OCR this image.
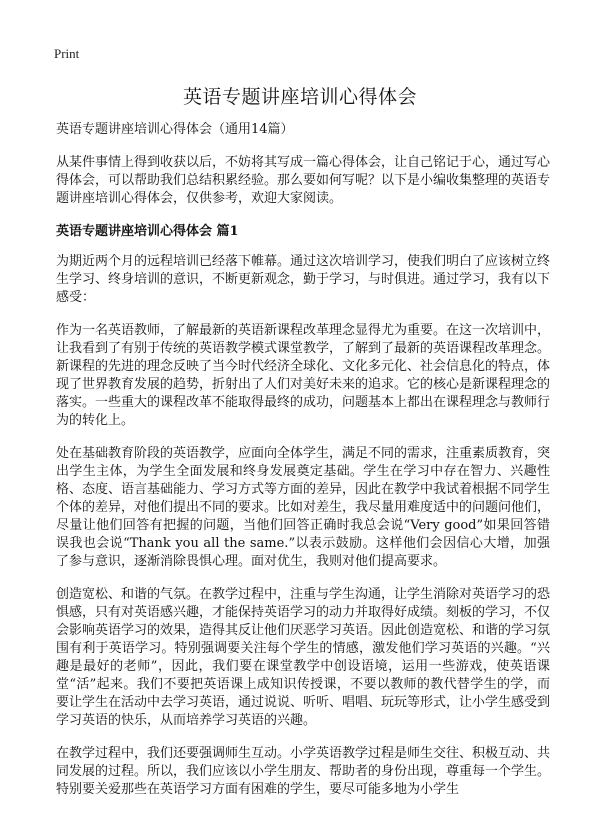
Print
英语专题讲座培训心得体会
英语专题讲座培训心得体会（通用14篇）

从某件事情上得到收获以后，不妨将其写成一篇心得体会，让自己铭记于心，通过写心得体会，可以帮助我们总结积累经验。那么要如何写呢？以下是小编收集整理的英语专题讲座培训心得体会，仅供参考，欢迎大家阅读。

英语专题讲座培训心得体会 篇1

为期近两个月的远程培训已经落下帷幕。通过这次培训学习，使我们明白了应该树立终生学习、终身培训的意识，不断更新观念，勤于学习，与时俱进。通过学习，我有以下感受：

作为一名英语教师，了解最新的英语新课程改革理念显得尤为重要。在这一次培训中，让我看到了有别于传统的英语教学模式课堂教学，了解到了最新的英语课程改革理念。新课程的先进的理念反映了当今时代经济全球化、文化多元化、社会信息化的特点，体现了世界教育发展的趋势，折射出了人们对美好未来的追求。它的核心是新课程理念的落实。一些重大的课程改革不能取得最终的成功，问题基本上都出在课程理念与教师行为的转化上。

处在基础教育阶段的英语教学，应面向全体学生，满足不同的需求，注重素质教育，突出学生主体，为学生全面发展和终身发展奠定基础。学生在学习中存在智力、兴趣性格、态度、语言基础能力、学习方式等方面的差异，因此在教学中我试着根据不同学生个体的差异，对他们提出不同的要求。比如对差生，我尽量用难度适中的问题问他们，尽量让他们回答有把握的问题，当他们回答正确时我总会说“Very good”如果回答错误我也会说“Thank you all the same.”以表示鼓励。这样他们会因信心大增，加强了参与意识，逐渐消除畏惧心理。面对优生，我则对他们提高要求。

创造宽松、和谐的气氛。在教学过程中，注重与学生沟通，让学生消除对英语学习的恐惧感，只有对英语感兴趣，才能保持英语学习的动力并取得好成绩。刻板的学习，不仅会影响英语学习的效果，造得其反让他们厌恶学习英语。因此创造宽松、和谐的学习氛围有利于英语学习。特别强调要关注每个学生的情感，激发他们学习英语的兴趣。“兴趣是最好的老师”，因此，我们要在课堂教学中创设语境，运用一些游戏，使英语课堂“活”起来。我们不要把英语课上成知识传授课，不要以教师的教代替学生的学，而要让学生在活动中去学习英语，通过说说、听听、唱唱、玩玩等形式，让小学生感受到学习英语的快乐，从而培养学习英语的兴趣。

在教学过程中，我们还要强调师生互动。小学英语教学过程是师生交往、积极互动、共同发展的过程。所以，我们应该以小学生朋友、帮助者的身份出现，尊重每一个学生。特别要关爱那些在英语学习方面有困难的学生，要尽可能多地为小学生
